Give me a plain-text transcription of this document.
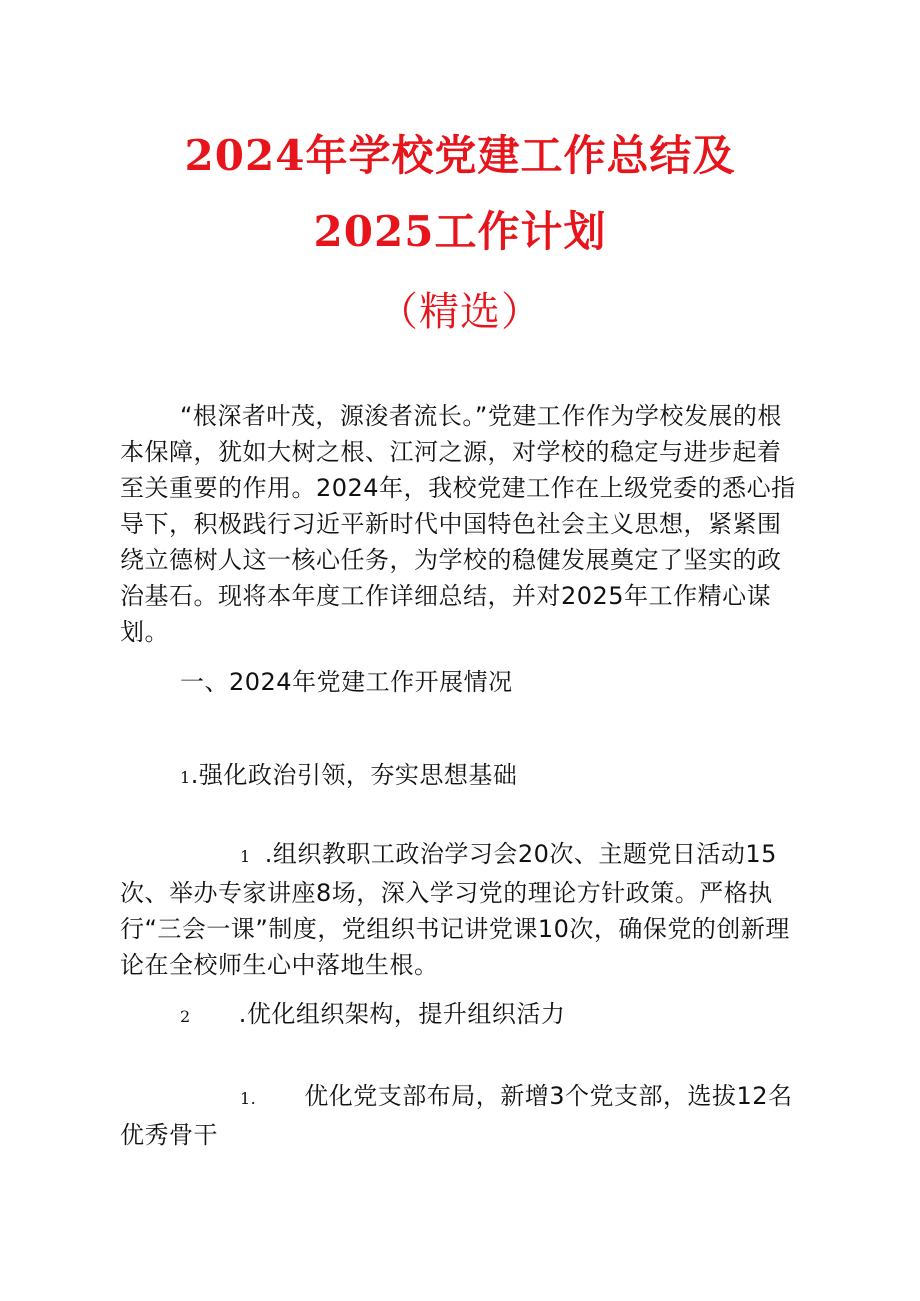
2024年学校党建工作总结及
2025工作计划
（精选）
“根深者叶茂，源浚者流长。”党建工作作为学校发展的根本保障，犹如大树之根、江河之源，对学校的稳定与进步起着至关重要的作用。2024年，我校党建工作在上级党委的悉心指导下，积极践行习近平新时代中国特色社会主义思想，紧紧围绕立德树人这一核心任务，为学校的稳健发展奠定了坚实的政治基石。现将本年度工作详细总结，并对2025年工作精心谋划。
一、2024年党建工作开展情况
1.强化政治引领，夯实思想基础
1 .组织教职工政治学习会20次、主题党日活动15次、举办专家讲座8场，深入学习党的理论方针政策。严格执行“三会一课”制度，党组织书记讲党课10次，确保党的创新理论在全校师生心中落地生根。
2 .优化组织架构，提升组织活力
1. 优化党支部布局，新增3个党支部，选拔12名优秀骨干
